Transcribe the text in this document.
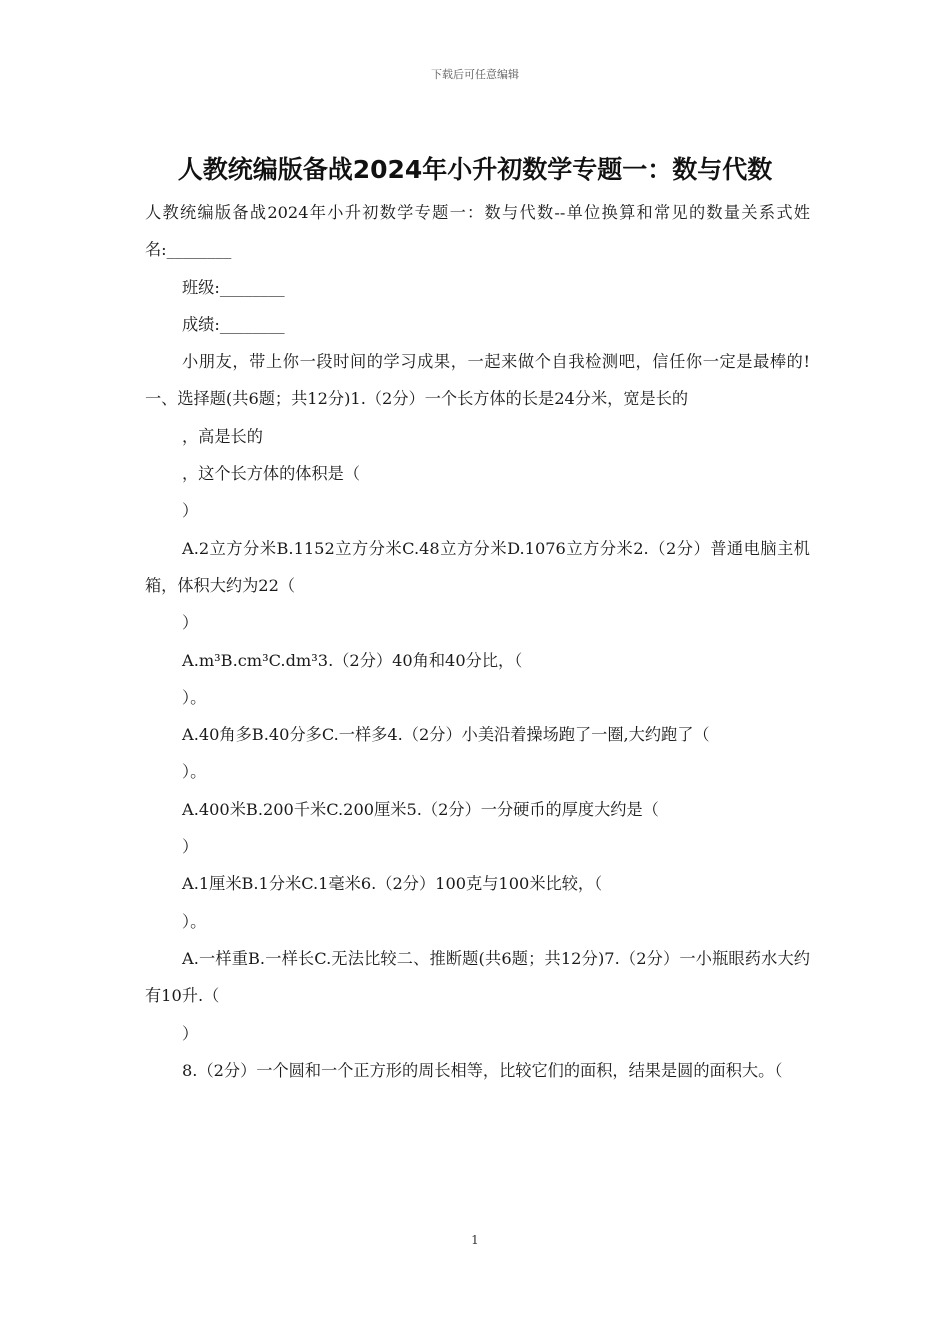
下载后可任意编辑
人教统编版备战2024年小升初数学专题一：数与代数

人教统编版备战2024年小升初数学专题一：数与代数--单位换算和常见的数量关系式姓名:________

班级:________

成绩:________

小朋友，带上你一段时间的学习成果，一起来做个自我检测吧，信任你一定是最棒的!一、选择题(共6题；共12分)1.（2分）一个长方体的长是24分米，宽是长的

，高是长的

，这个长方体的体积是（

）

A.2立方分米B.1152立方分米C.48立方分米D.1076立方分米2.（2分）普通电脑主机箱，体积大约为22（

）

A.m³B.cm³C.dm³3.（2分）40角和40分比，（

）。

A.40角多B.40分多C.一样多4.（2分）小美沿着操场跑了一圈,大约跑了（

）。

A.400米B.200千米C.200厘米5.（2分）一分硬币的厚度大约是（

）

A.1厘米B.1分米C.1毫米6.（2分）100克与100米比较，（

）。

A.一样重B.一样长C.无法比较二、推断题(共6题；共12分)7.（2分）一小瓶眼药水大约有10升.（

）

8.（2分）一个圆和一个正方形的周长相等，比较它们的面积，结果是圆的面积大。（

1
